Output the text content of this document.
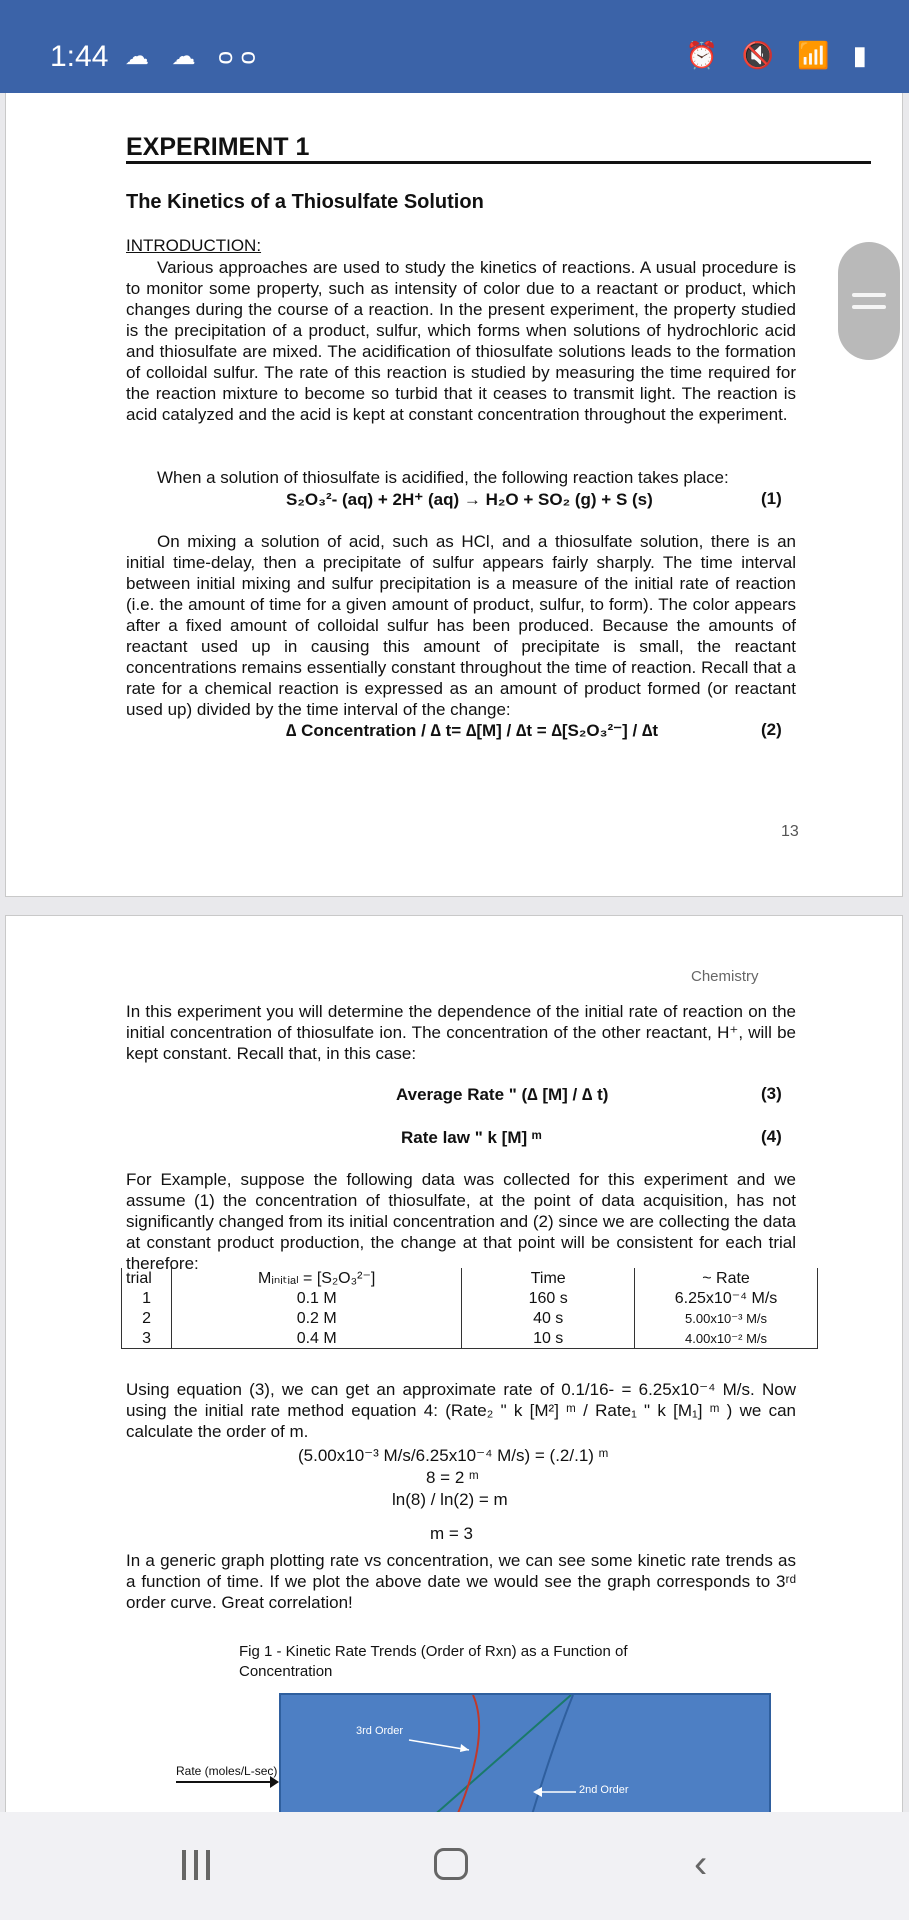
1:44 ☁ ☁ ᴑᴑ	⏰ 🔇 📶 ▮
EXPERIMENT 1
The Kinetics of a Thiosulfate Solution
INTRODUCTION:
Various approaches are used to study the kinetics of reactions. A usual procedure is to monitor some property, such as intensity of color due to a reactant or product, which changes during the course of a reaction. In the present experiment, the property studied is the precipitation of a product, sulfur, which forms when solutions of hydrochloric acid and thiosulfate are mixed. The acidification of thiosulfate solutions leads to the formation of colloidal sulfur. The rate of this reaction is studied by measuring the time required for the reaction mixture to become so turbid that it ceases to transmit light. The reaction is acid catalyzed and the acid is kept at constant concentration throughout the experiment.
When a solution of thiosulfate is acidified, the following reaction takes place:
S₂O₃²- (aq) + 2H⁺ (aq) → H₂O + SO₂ (g) + S (s)	(1)
On mixing a solution of acid, such as HCl, and a thiosulfate solution, there is an initial time-delay, then a precipitate of sulfur appears fairly sharply. The time interval between initial mixing and sulfur precipitation is a measure of the initial rate of reaction (i.e. the amount of time for a given amount of product, sulfur, to form). The color appears after a fixed amount of colloidal sulfur has been produced. Because the amounts of reactant used up in causing this amount of precipitate is small, the reactant concentrations remains essentially constant throughout the time of reaction. Recall that a rate for a chemical reaction is expressed as an amount of product formed (or reactant used up) divided by the time interval of the change:
∆ Concentration / ∆ t= ∆[M] / ∆t = ∆[S₂O₃²⁻] / ∆t	(2)
13
Chemistry
In this experiment you will determine the dependence of the initial rate of reaction on the initial concentration of thiosulfate ion. The concentration of the other reactant, H⁺, will be kept constant. Recall that, in this case:
Average Rate " (∆ [M] / ∆ t)	(3)
Rate law " k [M] ᵐ	(4)
For Example, suppose the following data was collected for this experiment and we assume (1) the concentration of thiosulfate, at the point of data acquisition, has not significantly changed from its initial concentration and (2) since we are collecting the data at constant product production, the change at that point will be consistent for each trial therefore:
trial	Mᵢₙᵢₜᵢₐₗ = [S₂O₃²⁻]	Time	~ Rate
1	0.1 M	160 s	6.25x10⁻⁴ M/s
2	0.2 M	40 s	5.00x10⁻³ M/s
3	0.4 M	10 s	4.00x10⁻² M/s
Using equation (3), we can get an approximate rate of 0.1/16- = 6.25x10⁻⁴ M/s. Now using the initial rate method equation 4: (Rate₂ " k [M²] ᵐ / Rate₁ " k [M₁] ᵐ ) we can calculate the order of m.
(5.00x10⁻³ M/s/6.25x10⁻⁴ M/s) = (.2/.1) ᵐ
8 = 2 ᵐ
ln(8) / ln(2) = m
m = 3
In a generic graph plotting rate vs concentration, we can see some kinetic rate trends as a function of time. If we plot the above date we would see the graph corresponds to 3ʳᵈ order curve. Great correlation!
Fig 1 - Kinetic Rate Trends (Order of Rxn) as a Function of Concentration
Rate (moles/L-sec)
3rd Order
2nd Order
‹
